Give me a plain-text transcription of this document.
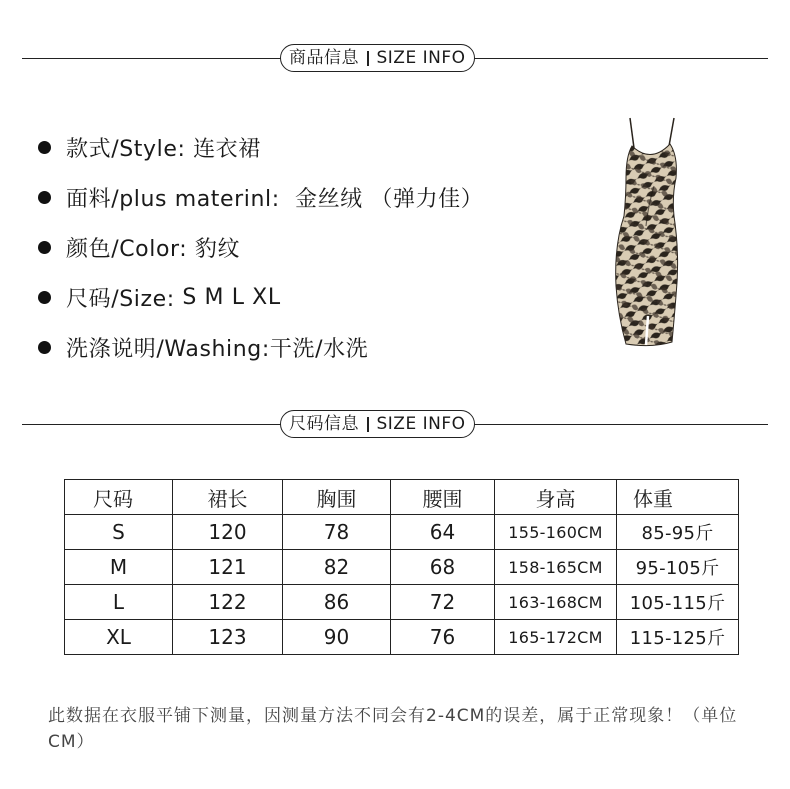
商品信息 SIZE INFO
款式/Style:
连衣裙
面料/plus materinl:
金丝绒 （弹力佳）
颜色/Color:
豹纹
尺码/Size:
S M L XL
洗涤说明/Washing: 干洗/水洗
尺码信息 SIZE INFO
尺码	裙长	胸围	腰围	身高	体重
S	120	78	64	155-160CM	85-95斤
M	121	82	68	158-165CM	95-105斤
L	122	86	72	163-168CM	105-115斤
XL	123	90	76	165-172CM	115-125斤
此数据在衣服平铺下测量，因测量方法不同会有2-4CM的误差，属于正常现象！（单位CM）
